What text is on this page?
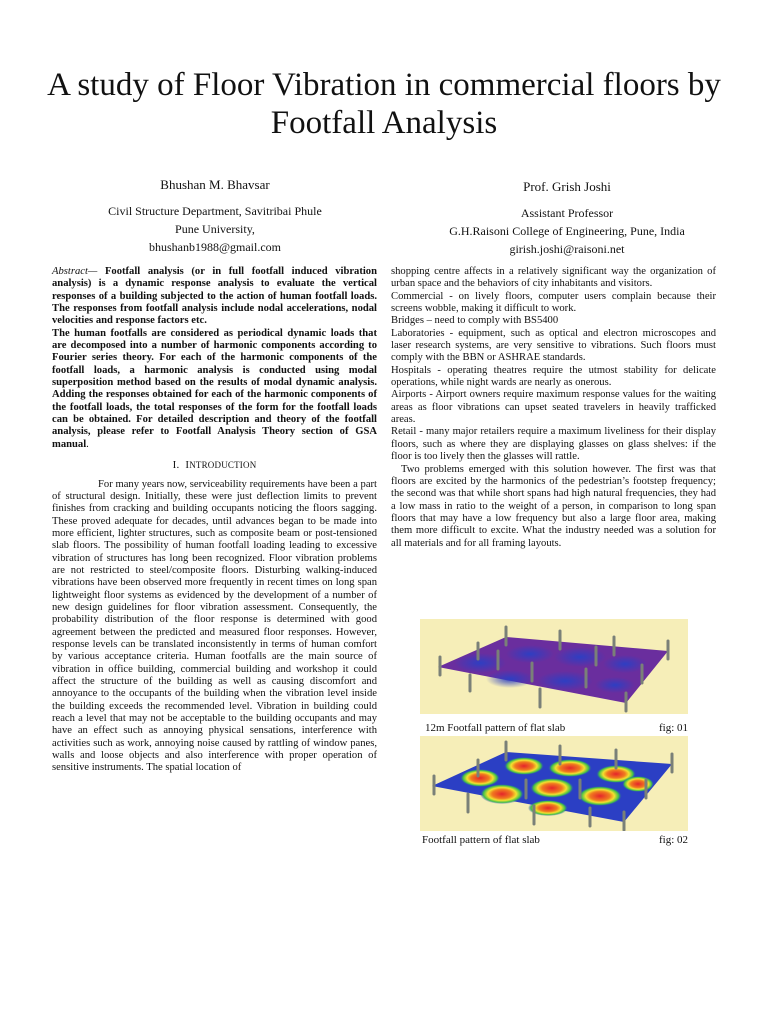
A study of Floor Vibration in commercial floors by Footfall Analysis
Bhushan M. Bhavsar
Civil Structure Department, Savitribai Phule
Pune University,
bhushanb1988@gmail.com
Prof. Grish Joshi
Assistant Professor
G.H.Raisoni College of Engineering, Pune, India
girish.joshi@raisoni.net

Abstract— Footfall analysis (or in full footfall induced vibration analysis) is a dynamic response analysis to evaluate the vertical responses of a building subjected to the action of human footfall loads. The responses from footfall analysis include nodal accelerations, nodal velocities and response factors etc.

The human footfalls are considered as periodical dynamic loads that are decomposed into a number of harmonic components according to Fourier series theory. For each of the harmonic components of the footfall loads, a harmonic analysis is conducted using modal superposition method based on the results of modal dynamic analysis. Adding the responses obtained for each of the harmonic components of the footfall loads, the total responses of the form for the footfall loads can be obtained. For detailed description and theory of the footfall analysis, please refer to Footfall Analysis Theory section of GSA manual.

I. INTRODUCTION

For many years now, serviceability requirements have been a part of structural design. Initially, these were just deflection limits to prevent finishes from cracking and building occupants noticing the floors sagging. These proved adequate for decades, until advances began to be made into more efficient, lighter structures, such as composite beam or post-tensioned slab floors. The possibility of human footfall loading leading to excessive vibration of structures has long been recognized. Floor vibration problems are not restricted to steel/composite floors. Disturbing walking-induced vibrations have been observed more frequently in recent times on long span lightweight floor systems as evidenced by the development of a number of new design guidelines for floor vibration assessment. Consequently, the probability distribution of the floor response is determined with good agreement between the predicted and measured floor responses. However, response levels can be translated inconsistently in terms of human comfort by various acceptance criteria. Human footfalls are the main source of vibration in office building, commercial building and workshop it could affect the structure of the building as well as causing discomfort and annoyance to the occupants of the building when the vibration level inside the building exceeds the recommended level. Vibration in building could reach a level that may not be acceptable to the building occupants and may have an effect such as annoying physical sensations, interference with activities such as work, annoying noise caused by rattling of window panes, walls and loose objects and also interference with proper operation of sensitive instruments. The spatial location of

shopping centre affects in a relatively significant way the organization of urban space and the behaviors of city inhabitants and visitors.

Commercial - on lively floors, computer users complain because their screens wobble, making it difficult to work.

Bridges – need to comply with BS5400

Laboratories - equipment, such as optical and electron microscopes and laser research systems, are very sensitive to vibrations. Such floors must comply with the BBN or ASHRAE standards.

Hospitals - operating theatres require the utmost stability for delicate operations, while night wards are nearly as onerous.

Airports - Airport owners require maximum response values for the waiting areas as floor vibrations can upset seated travelers in heavily trafficked areas.

Retail - many major retailers require a maximum liveliness for their display floors, such as where they are displaying glasses on glass shelves: if the floor is too lively then the glasses will rattle.

Two problems emerged with this solution however. The first was that floors are excited by the harmonics of the pedestrian’s footstep frequency; the second was that while short spans had high natural frequencies, they had a low mass in ratio to the weight of a person, in comparison to long span floors that may have a low frequency but also a large floor area, making them more difficult to excite. What the industry needed was a solution for all materials and for all framing layouts.

12m Footfall pattern of flat slab	fig: 01
Footfall pattern of flat slab	fig: 02
